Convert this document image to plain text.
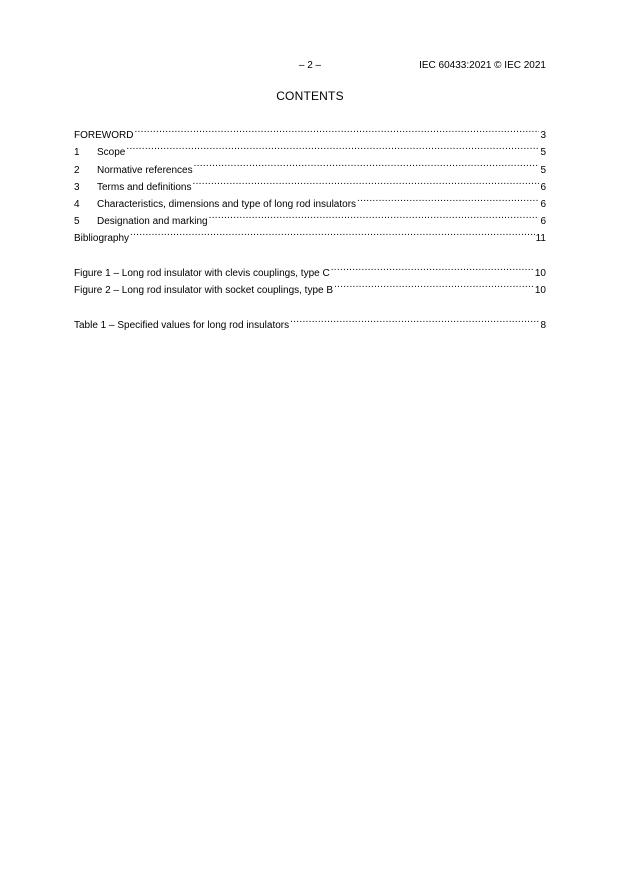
– 2 –	IEC 60433:2021 © IEC 2021
CONTENTS
FOREWORD .....	3
1	Scope .....	5
2	Normative references .....	5
3	Terms and definitions .....	6
4	Characteristics, dimensions and type of long rod insulators .....	6
5	Designation and marking .....	6
Bibliography .....	11
Figure 1 – Long rod insulator with clevis couplings, type C .....	10
Figure 2 – Long rod insulator with socket couplings, type B .....	10
Table 1 – Specified values for long rod insulators .....	8
